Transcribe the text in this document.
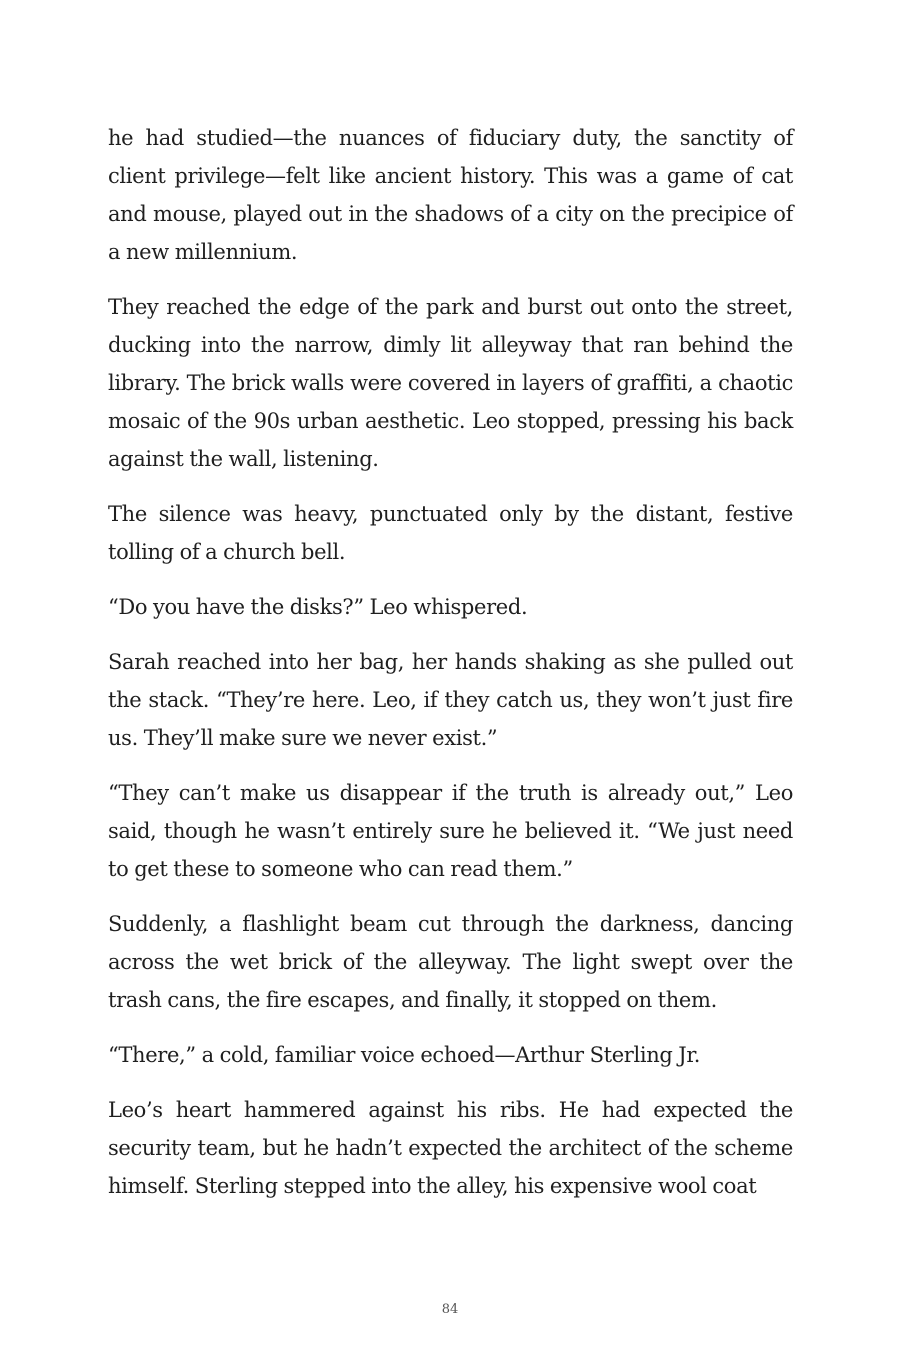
he had studied—the nuances of fiduciary duty, the sanctity of client privilege—felt like ancient history. This was a game of cat and mouse, played out in the shadows of a city on the precipice of a new millennium.

They reached the edge of the park and burst out onto the street, ducking into the narrow, dimly lit alleyway that ran behind the library. The brick walls were covered in layers of graffiti, a chaotic mosaic of the 90s urban aesthetic. Leo stopped, pressing his back against the wall, listening.

The silence was heavy, punctuated only by the distant, festive tolling of a church bell.

“Do you have the disks?” Leo whispered.

Sarah reached into her bag, her hands shaking as she pulled out the stack. “They’re here. Leo, if they catch us, they won’t just fire us. They’ll make sure we never exist.”

“They can’t make us disappear if the truth is already out,” Leo said, though he wasn’t entirely sure he believed it. “We just need to get these to someone who can read them.”

Suddenly, a flashlight beam cut through the darkness, dancing across the wet brick of the alleyway. The light swept over the trash cans, the fire escapes, and finally, it stopped on them.

“There,” a cold, familiar voice echoed—Arthur Sterling Jr.

Leo’s heart hammered against his ribs. He had expected the security team, but he hadn’t expected the architect of the scheme himself. Sterling stepped into the alley, his expensive wool coat

84
